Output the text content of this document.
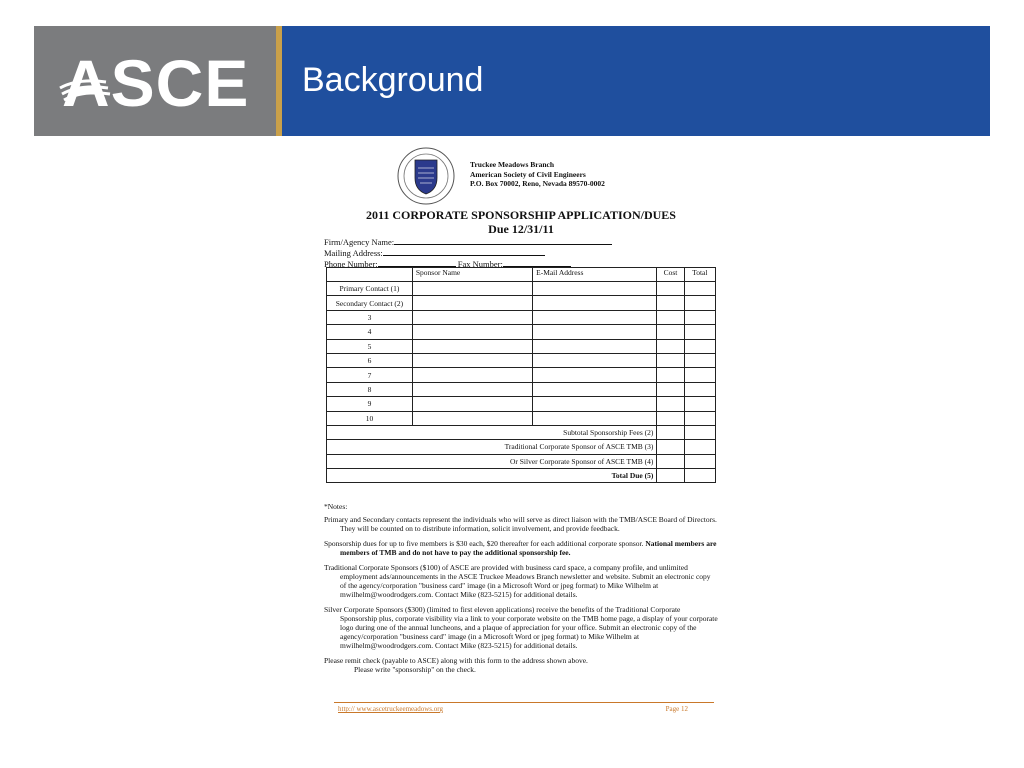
ASCE Background
Truckee Meadows Branch
American Society of Civil Engineers
P.O. Box 70002, Reno, Nevada 89570-0002
2011 CORPORATE SPONSORSHIP APPLICATION/DUES
Due 12/31/11
Firm/Agency Name:
Mailing Address:
Phone Number:	Fax Number:
	Sponsor Name	E-Mail Address	Cost	Total
Primary Contact (1)				
Secondary Contact (2)				
3				
4				
5				
6				
7				
8				
9				
10				
Subtotal Sponsorship Fees (2)				
Traditional Corporate Sponsor of ASCE TMB (3)				
Or Silver Corporate Sponsor of ASCE TMB (4)				
Total Due (5)				

*Notes:

Primary and Secondary contacts represent the individuals who will serve as direct liaison with the TMB/ASCE Board of Directors. They will be counted on to distribute information, solicit involvement, and provide feedback.

Sponsorship dues for up to five members is $30 each, $20 thereafter for each additional corporate sponsor. National members are members of TMB and do not have to pay the additional sponsorship fee.

Traditional Corporate Sponsors ($100) of ASCE are provided with business card space, a company profile, and unlimited employment ads/announcements in the ASCE Truckee Meadows Branch newsletter and website. Submit an electronic copy of the agency/corporation "business card" image (in a Microsoft Word or jpeg format) to Mike Wilhelm at mwilhelm@woodrodgers.com. Contact Mike (823-5215) for additional details.

Silver Corporate Sponsors ($300) (limited to first eleven applications) receive the benefits of the Traditional Corporate Sponsorship plus, corporate visibility via a link to your corporate website on the TMB home page, a display of your corporate logo during one of the annual luncheons, and a plaque of appreciation for your office. Submit an electronic copy of the agency/corporation "business card" image (in a Microsoft Word or jpeg format) to Mike Wilhelm at mwilhelm@woodrodgers.com. Contact Mike (823-5215) for additional details.

Please remit check (payable to ASCE) along with this form to the address shown above.
Please write "sponsorship" on the check.

http:// www.ascetruckeemeadows.org	Page 12
